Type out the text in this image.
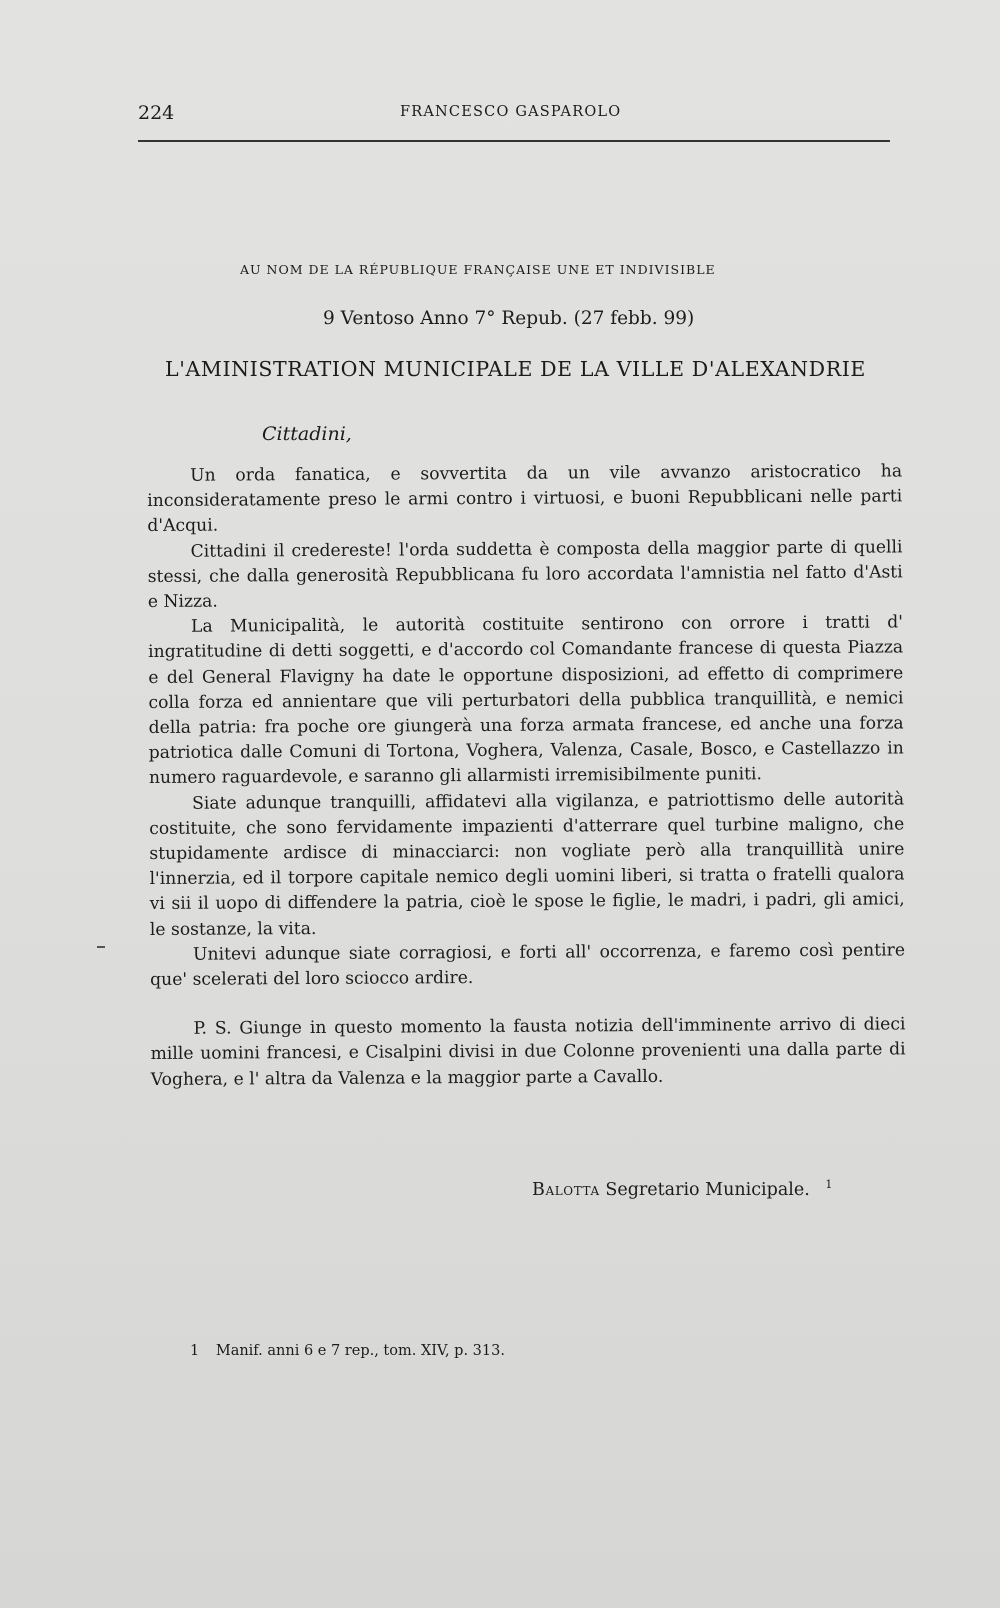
224	FRANCESCO GASPAROLO
AU NOM DE LA RÉPUBLIQUE FRANÇAISE UNE ET INDIVISIBLE
9 Ventoso Anno 7° Repub. (27 febb. 99)
L'AMINISTRATION MUNICIPALE DE LA VILLE D'ALEXANDRIE
Cittadini,

Un orda fanatica, e sovvertita da un vile avvanzo aristocratico ha inconsideratamente preso le armi contro i virtuosi, e buoni Repubblicani nelle parti d'Acqui.

Cittadini il credereste! l'orda suddetta è composta della maggior parte di quelli stessi, che dalla generosità Repubblicana fu loro accordata l'amnistia nel fatto d'Asti e Nizza.

La Municipalità, le autorità costituite sentirono con orrore i tratti d' ingratitudine di detti soggetti, e d'accordo col Comandante francese di questa Piazza e del General Flavigny ha date le opportune disposizioni, ad effetto di comprimere colla forza ed annientare que vili perturbatori della pubblica tranquillità, e nemici della patria: fra poche ore giungerà una forza armata francese, ed anche una forza patriotica dalle Comuni di Tortona, Voghera, Valenza, Casale, Bosco, e Castellazzo in numero raguardevole, e saranno gli allarmisti irremisibilmente puniti.

Siate adunque tranquilli, affidatevi alla vigilanza, e patriottismo delle autorità costituite, che sono fervidamente impazienti d'atterrare quel turbine maligno, che stupidamente ardisce di minacciarci: non vogliate però alla tranquillità unire l'innerzia, ed il torpore capitale nemico degli uomini liberi, si tratta o fratelli qualora vi sii il uopo di diffendere la patria, cioè le spose le figlie, le madri, i padri, gli amici, le sostanze, la vita.

Unitevi adunque siate corragiosi, e forti all' occorrenza, e faremo così pentire que' scelerati del loro sciocco ardire.

P. S. Giunge in questo momento la fausta notizia dell'imminente arrivo di dieci mille uomini francesi, e Cisalpini divisi in due Colonne provenienti una dalla parte di Voghera, e l' altra da Valenza e la maggior parte a Cavallo.

Balotta Segretario Municipale. $^1$
1 Manif. anni 6 e 7 rep., tom. XIV, p. 313.
